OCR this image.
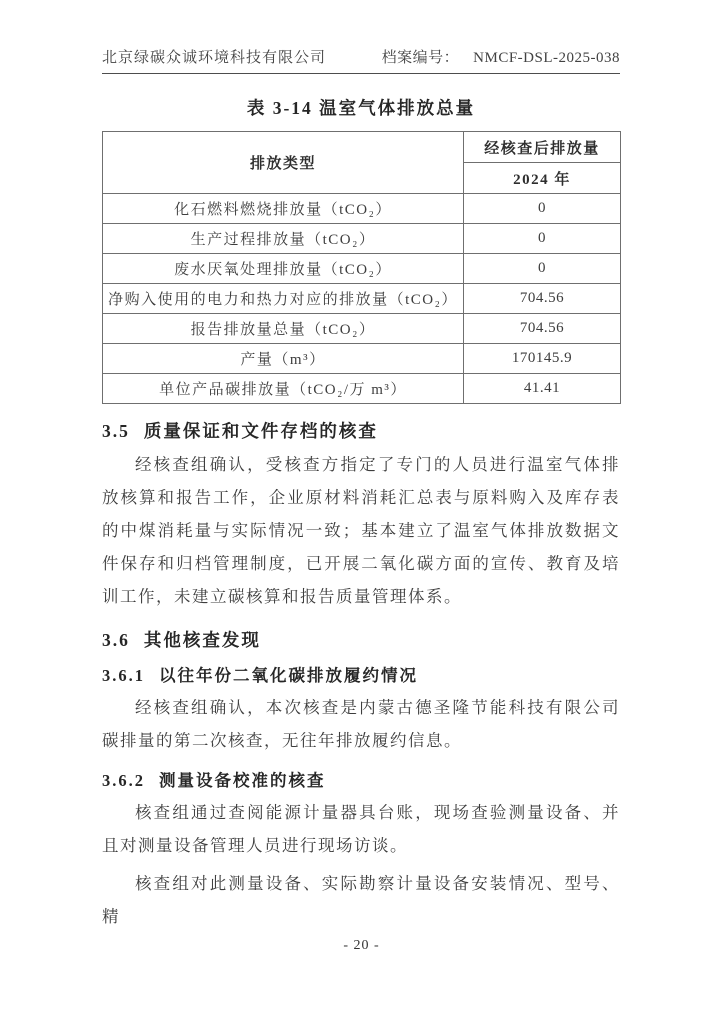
北京绿碳众诚环境科技有限公司	档案编号： NMCF-DSL-2025-038
表 3-14 温室气体排放总量
排放类型	经核查后排放量
	2024 年
化石燃料燃烧排放量（tCO₂）	0
生产过程排放量（tCO₂）	0
废水厌氧处理排放量（tCO₂）	0
净购入使用的电力和热力对应的排放量（tCO₂）	704.56
报告排放量总量（tCO₂）	704.56
产量（m³）	170145.9
单位产品碳排放量（tCO₂/万 m³）	41.41
3.5 质量保证和文件存档的核查
经核查组确认，受核查方指定了专门的人员进行温室气体排放核算和报告工作，企业原材料消耗汇总表与原料购入及库存表的中煤消耗量与实际情况一致；基本建立了温室气体排放数据文件保存和归档管理制度，已开展二氧化碳方面的宣传、教育及培训工作，未建立碳核算和报告质量管理体系。
3.6 其他核查发现
3.6.1 以往年份二氧化碳排放履约情况
经核查组确认，本次核查是内蒙古德圣隆节能科技有限公司碳排量的第二次核查，无往年排放履约信息。
3.6.2 测量设备校准的核查
核查组通过查阅能源计量器具台账，现场查验测量设备、并且对测量设备管理人员进行现场访谈。
核查组对此测量设备、实际勘察计量设备安装情况、型号、精
- 20 -
